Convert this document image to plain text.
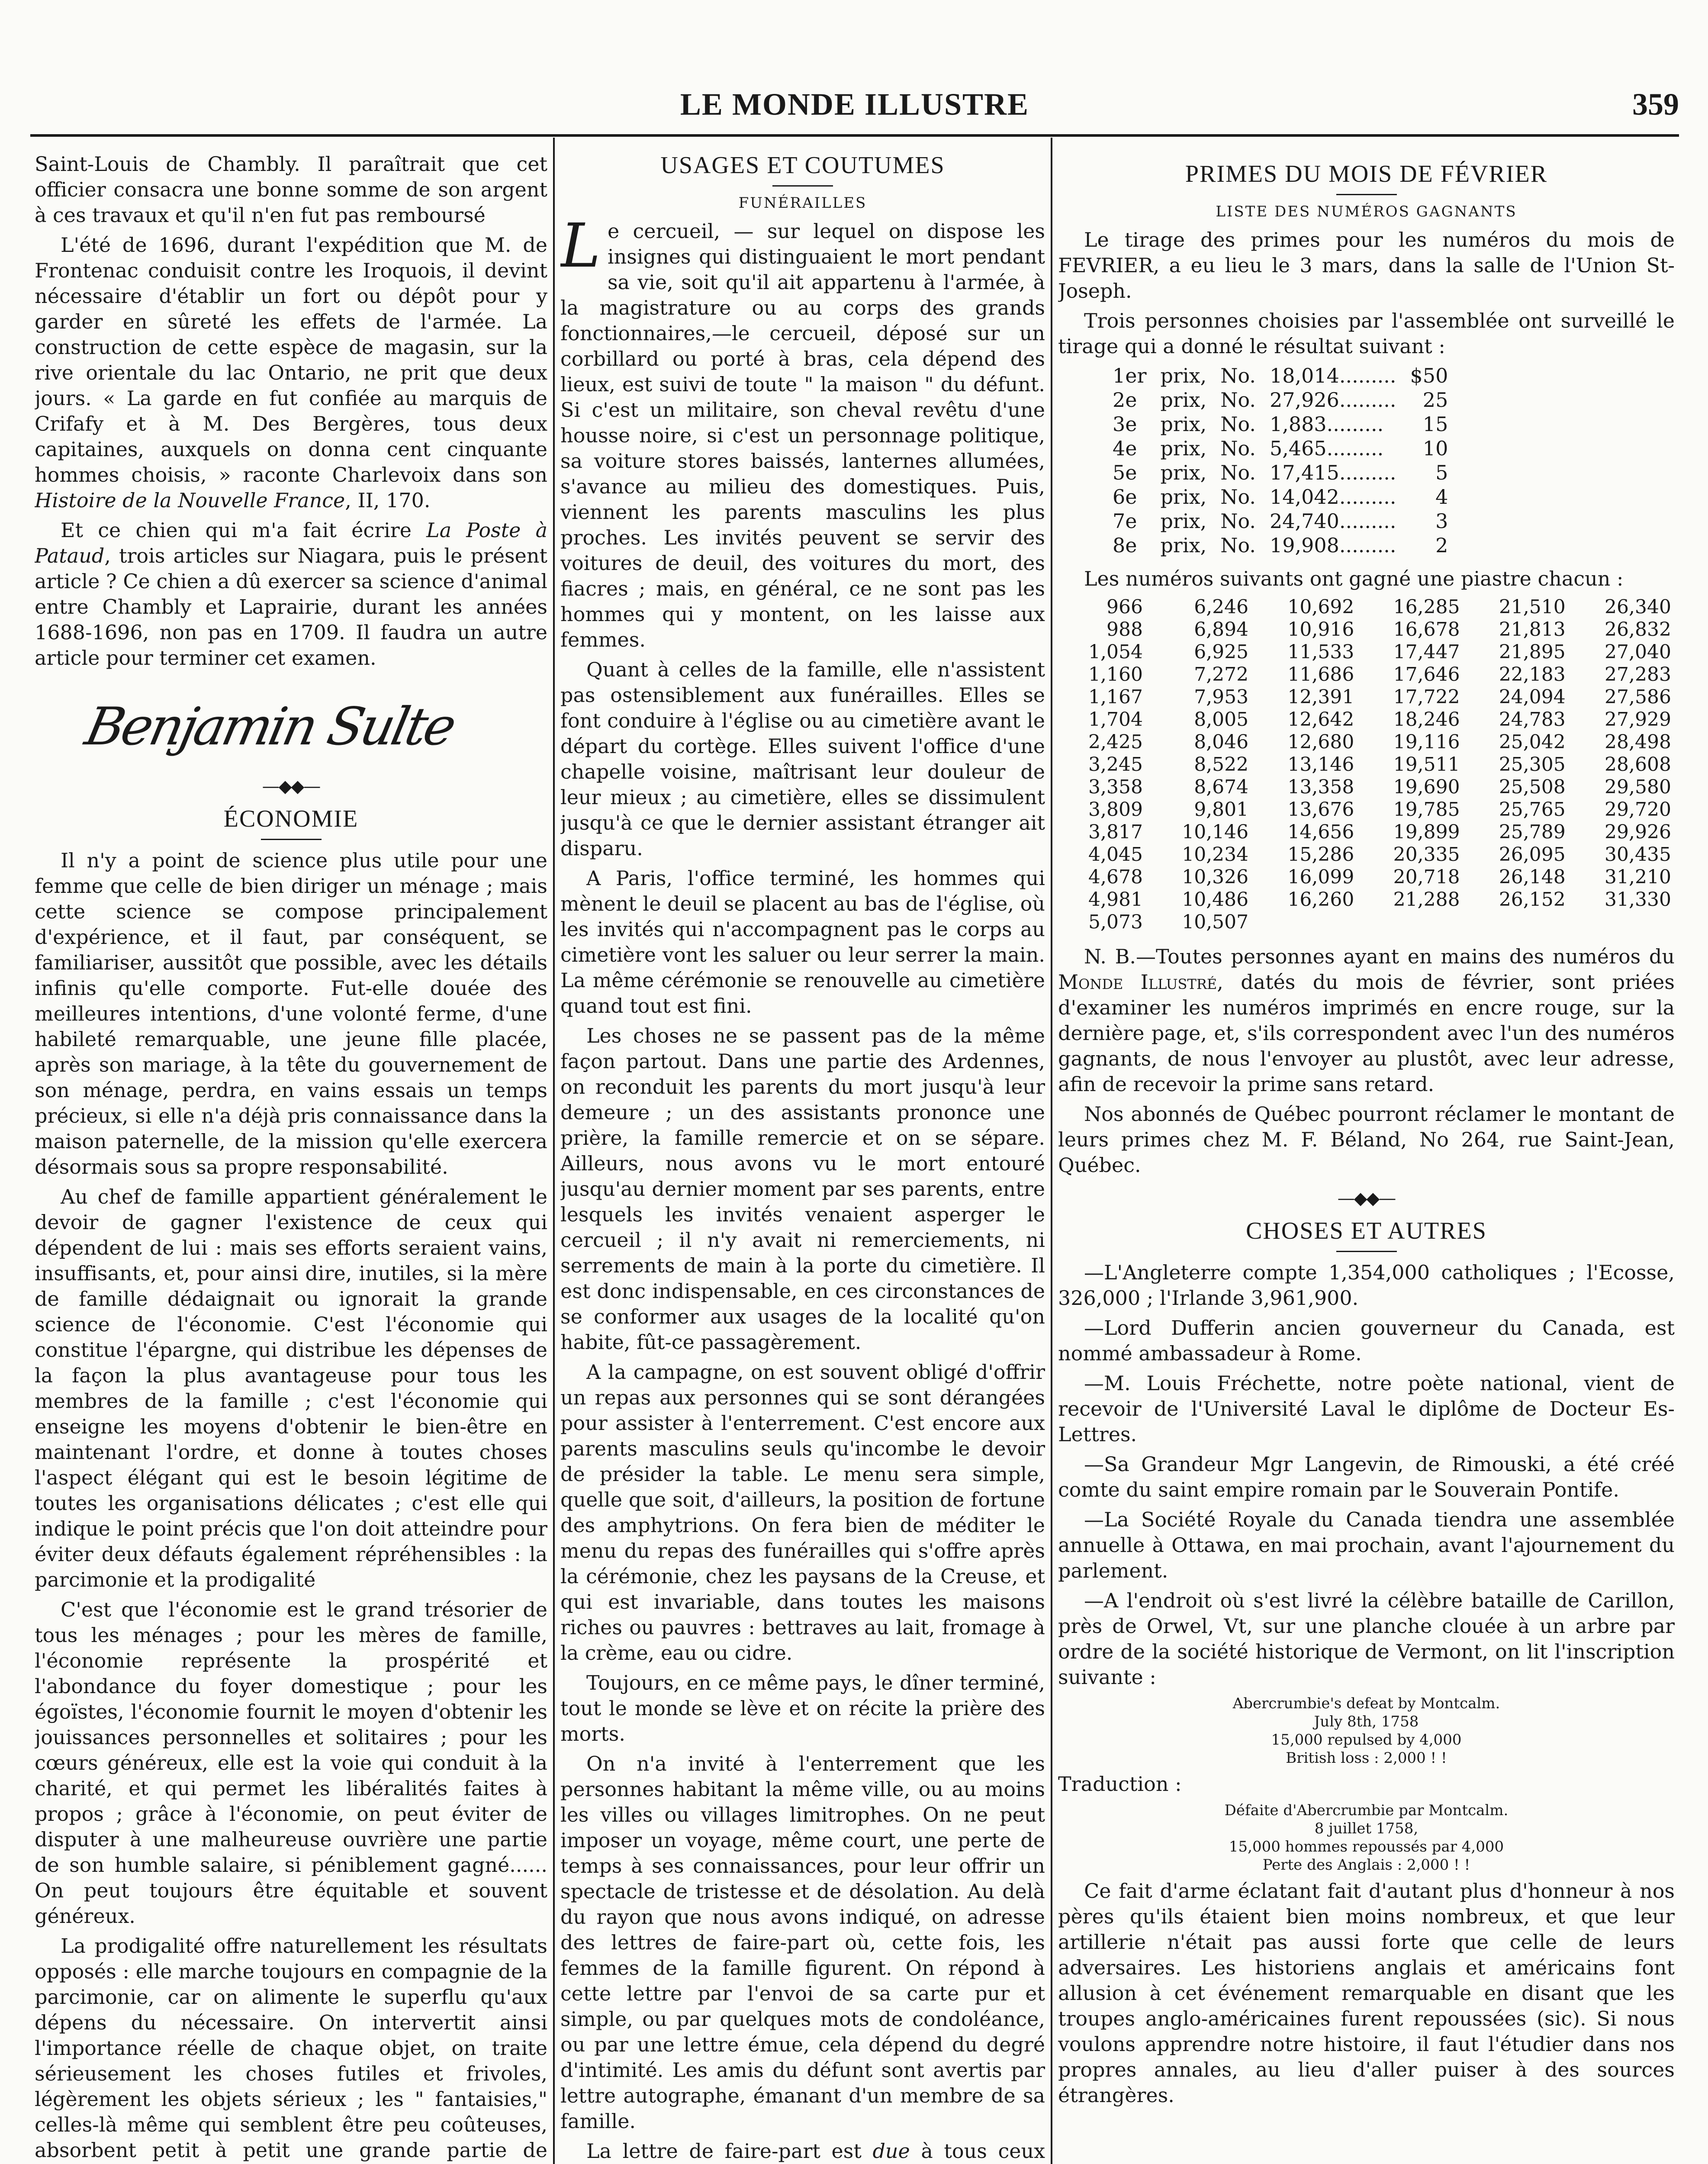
LE MONDE ILLUSTRE	359

Saint-Louis de Chambly. Il paraîtrait que cet officier consacra une bonne somme de son argent à ces travaux et qu'il n'en fut pas remboursé

L'été de 1696, durant l'expédition que M. de Frontenac conduisit contre les Iroquois, il devint nécessaire d'établir un fort ou dépôt pour y garder en sûreté les effets de l'armée. La construction de cette espèce de magasin, sur la rive orientale du lac Ontario, ne prit que deux jours. « La garde en fut confiée au marquis de Crifafy et à M. Des Bergères, tous deux capitaines, auxquels on donna cent cinquante hommes choisis, » raconte Charlevoix dans son Histoire de la Nouvelle France, II, 170.

Et ce chien qui m'a fait écrire La Poste à Pataud, trois articles sur Niagara, puis le présent article ? Ce chien a dû exercer sa science d'animal entre Chambly et Laprairie, durant les années 1688-1696, non pas en 1709. Il faudra un autre article pour terminer cet examen.

Benjamin Sulte
—◆◆—
ÉCONOMIE

Il n'y a point de science plus utile pour une femme que celle de bien diriger un ménage ; mais cette science se compose principalement d'expérience, et il faut, par conséquent, se familiariser, aussitôt que possible, avec les détails infinis qu'elle comporte. Fut-elle douée des meilleures intentions, d'une volonté ferme, d'une habileté remarquable, une jeune fille placée, après son mariage, à la tête du gouvernement de son ménage, perdra, en vains essais un temps précieux, si elle n'a déjà pris connaissance dans la maison paternelle, de la mission qu'elle exercera désormais sous sa propre responsabilité.

Au chef de famille appartient généralement le devoir de gagner l'existence de ceux qui dépendent de lui : mais ses efforts seraient vains, insuffisants, et, pour ainsi dire, inutiles, si la mère de famille dédaignait ou ignorait la grande science de l'économie. C'est l'économie qui constitue l'épargne, qui distribue les dépenses de la façon la plus avantageuse pour tous les membres de la famille ; c'est l'économie qui enseigne les moyens d'obtenir le bien-être en maintenant l'ordre, et donne à toutes choses l'aspect élégant qui est le besoin légitime de toutes les organisations délicates ; c'est elle qui indique le point précis que l'on doit atteindre pour éviter deux défauts également répréhensibles : la parcimonie et la prodigalité

C'est que l'économie est le grand trésorier de tous les ménages ; pour les mères de famille, l'économie représente la prospérité et l'abondance du foyer domestique ; pour les égoïstes, l'économie fournit le moyen d'obtenir les jouissances personnelles et solitaires ; pour les cœurs généreux, elle est la voie qui conduit à la charité, et qui permet les libéralités faites à propos ; grâce à l'économie, on peut éviter de disputer à une malheureuse ouvrière une partie de son humble salaire, si péniblement gagné...... On peut toujours être équitable et souvent généreux.

La prodigalité offre naturellement les résultats opposés : elle marche toujours en compagnie de la parcimonie, car on alimente le superflu qu'aux dépens du nécessaire. On intervertit ainsi l'importance réelle de chaque objet, on traite sérieusement les choses futiles et frivoles, légèrement les objets sérieux ; les " fantaisies," celles-là même qui semblent être peu coûteuses, absorbent petit à petit une grande partie de

USAGES ET COUTUMES
FUNÉRAILLES

Le cercueil, — sur lequel on dispose les insignes qui distinguaient le mort pendant sa vie, soit qu'il ait appartenu à l'armée, à la magistrature ou au corps des grands fonctionnaires,—le cercueil, déposé sur un corbillard ou porté à bras, cela dépend des lieux, est suivi de toute " la maison " du défunt. Si c'est un militaire, son cheval revêtu d'une housse noire, si c'est un personnage politique, sa voiture stores baissés, lanternes allumées, s'avance au milieu des domestiques. Puis, viennent les parents masculins les plus proches. Les invités peuvent se servir des voitures de deuil, des voitures du mort, des fiacres ; mais, en général, ce ne sont pas les hommes qui y montent, on les laisse aux femmes.

Quant à celles de la famille, elle n'assistent pas ostensiblement aux funérailles. Elles se font conduire à l'église ou au cimetière avant le départ du cortège. Elles suivent l'office d'une chapelle voisine, maîtrisant leur douleur de leur mieux ; au cimetière, elles se dissimulent jusqu'à ce que le dernier assistant étranger ait disparu.

A Paris, l'office terminé, les hommes qui mènent le deuil se placent au bas de l'église, où les invités qui n'accompagnent pas le corps au cimetière vont les saluer ou leur serrer la main. La même cérémonie se renouvelle au cimetière quand tout est fini.

Les choses ne se passent pas de la même façon partout. Dans une partie des Ardennes, on reconduit les parents du mort jusqu'à leur demeure ; un des assistants prononce une prière, la famille remercie et on se sépare. Ailleurs, nous avons vu le mort entouré jusqu'au dernier moment par ses parents, entre lesquels les invités venaient asperger le cercueil ; il n'y avait ni remerciements, ni serrements de main à la porte du cimetière. Il est donc indispensable, en ces circonstances de se conformer aux usages de la localité qu'on habite, fût-ce passagèrement.

A la campagne, on est souvent obligé d'offrir un repas aux personnes qui se sont dérangées pour assister à l'enterrement. C'est encore aux parents masculins seuls qu'incombe le devoir de présider la table. Le menu sera simple, quelle que soit, d'ailleurs, la position de fortune des amphytrions. On fera bien de méditer le menu du repas des funérailles qui s'offre après la cérémonie, chez les paysans de la Creuse, et qui est invariable, dans toutes les maisons riches ou pauvres : bettraves au lait, fromage à la crème, eau ou cidre.

Toujours, en ce même pays, le dîner terminé, tout le monde se lève et on récite la prière des morts.

On n'a invité à l'enterrement que les personnes habitant la même ville, ou au moins les villes ou villages limitrophes. On ne peut imposer un voyage, même court, une perte de temps à ses connaissances, pour leur offrir un spectacle de tristesse et de désolation. Au delà du rayon que nous avons indiqué, on adresse des lettres de faire-part où, cette fois, les femmes de la famille figurent. On répond à cette lettre par l'envoi de sa carte pur et simple, ou par quelques mots de condoléance, ou par une lettre émue, cela dépend du degré d'intimité. Les amis du défunt sont avertis par lettre autographe, émanant d'un membre de sa famille.

La lettre de faire-part est due à tous ceux

PRIMES DU MOIS DE FÉVRIER
LISTE DES NUMÉROS GAGNANTS

Le tirage des primes pour les numéros du mois de FEVRIER, a eu lieu le 3 mars, dans la salle de l'Union St-Joseph.

Trois personnes choisies par l'assemblée ont surveillé le tirage qui a donné le résultat suivant :

1er	prix,	No.	18,014.........	$50
2e	prix,	No.	27,926.........	25
3e	prix,	No.	1,883.........	15
4e	prix,	No.	5,465.........	10
5e	prix,	No.	17,415.........	5
6e	prix,	No.	14,042.........	4
7e	prix,	No.	24,740.........	3
8e	prix,	No.	19,908.........	2

Les numéros suivants ont gagné une piastre chacun :

966	6,246	10,692	16,285	21,510	26,340
988	6,894	10,916	16,678	21,813	26,832
1,054	6,925	11,533	17,447	21,895	27,040
1,160	7,272	11,686	17,646	22,183	27,283
1,167	7,953	12,391	17,722	24,094	27,586
1,704	8,005	12,642	18,246	24,783	27,929
2,425	8,046	12,680	19,116	25,042	28,498
3,245	8,522	13,146	19,511	25,305	28,608
3,358	8,674	13,358	19,690	25,508	29,580
3,809	9,801	13,676	19,785	25,765	29,720
3,817	10,146	14,656	19,899	25,789	29,926
4,045	10,234	15,286	20,335	26,095	30,435
4,678	10,326	16,099	20,718	26,148	31,210
4,981	10,486	16,260	21,288	26,152	31,330
5,073	10,507				

N. B.—Toutes personnes ayant en mains des numéros du Monde Illustré, datés du mois de février, sont priées d'examiner les numéros imprimés en encre rouge, sur la dernière page, et, s'ils correspondent avec l'un des numéros gagnants, de nous l'envoyer au plustôt, avec leur adresse, afin de recevoir la prime sans retard.

Nos abonnés de Québec pourront réclamer le montant de leurs primes chez M. F. Béland, No 264, rue Saint-Jean, Québec.

—◆◆—
CHOSES ET AUTRES

—L'Angleterre compte 1,354,000 catholiques ; l'Ecosse, 326,000 ; l'Irlande 3,961,900.

—Lord Dufferin ancien gouverneur du Canada, est nommé ambassadeur à Rome.

—M. Louis Fréchette, notre poète national, vient de recevoir de l'Université Laval le diplôme de Docteur Es-Lettres.

—Sa Grandeur Mgr Langevin, de Rimouski, a été créé comte du saint empire romain par le Souverain Pontife.

—La Société Royale du Canada tiendra une assemblée annuelle à Ottawa, en mai prochain, avant l'ajournement du parlement.

—A l'endroit où s'est livré la célèbre bataille de Carillon, près de Orwel, Vt, sur une planche clouée à un arbre par ordre de la société historique de Vermont, on lit l'inscription suivante :

Abercrumbie's defeat by Montcalm.
July 8th, 1758
15,000 repulsed by 4,000
British loss : 2,000 ! !

Traduction :

Défaite d'Abercrumbie par Montcalm.
8 juillet 1758,
15,000 hommes repoussés par 4,000
Perte des Anglais : 2,000 ! !

Ce fait d'arme éclatant fait d'autant plus d'honneur à nos pères qu'ils étaient bien moins nombreux, et que leur artillerie n'était pas aussi forte que celle de leurs adversaires. Les historiens anglais et américains font allusion à cet événement remarquable en disant que les troupes anglo-américaines furent repoussées (sic). Si nous voulons apprendre notre histoire, il faut l'étudier dans nos propres annales, au lieu d'aller puiser à des sources étrangères.
